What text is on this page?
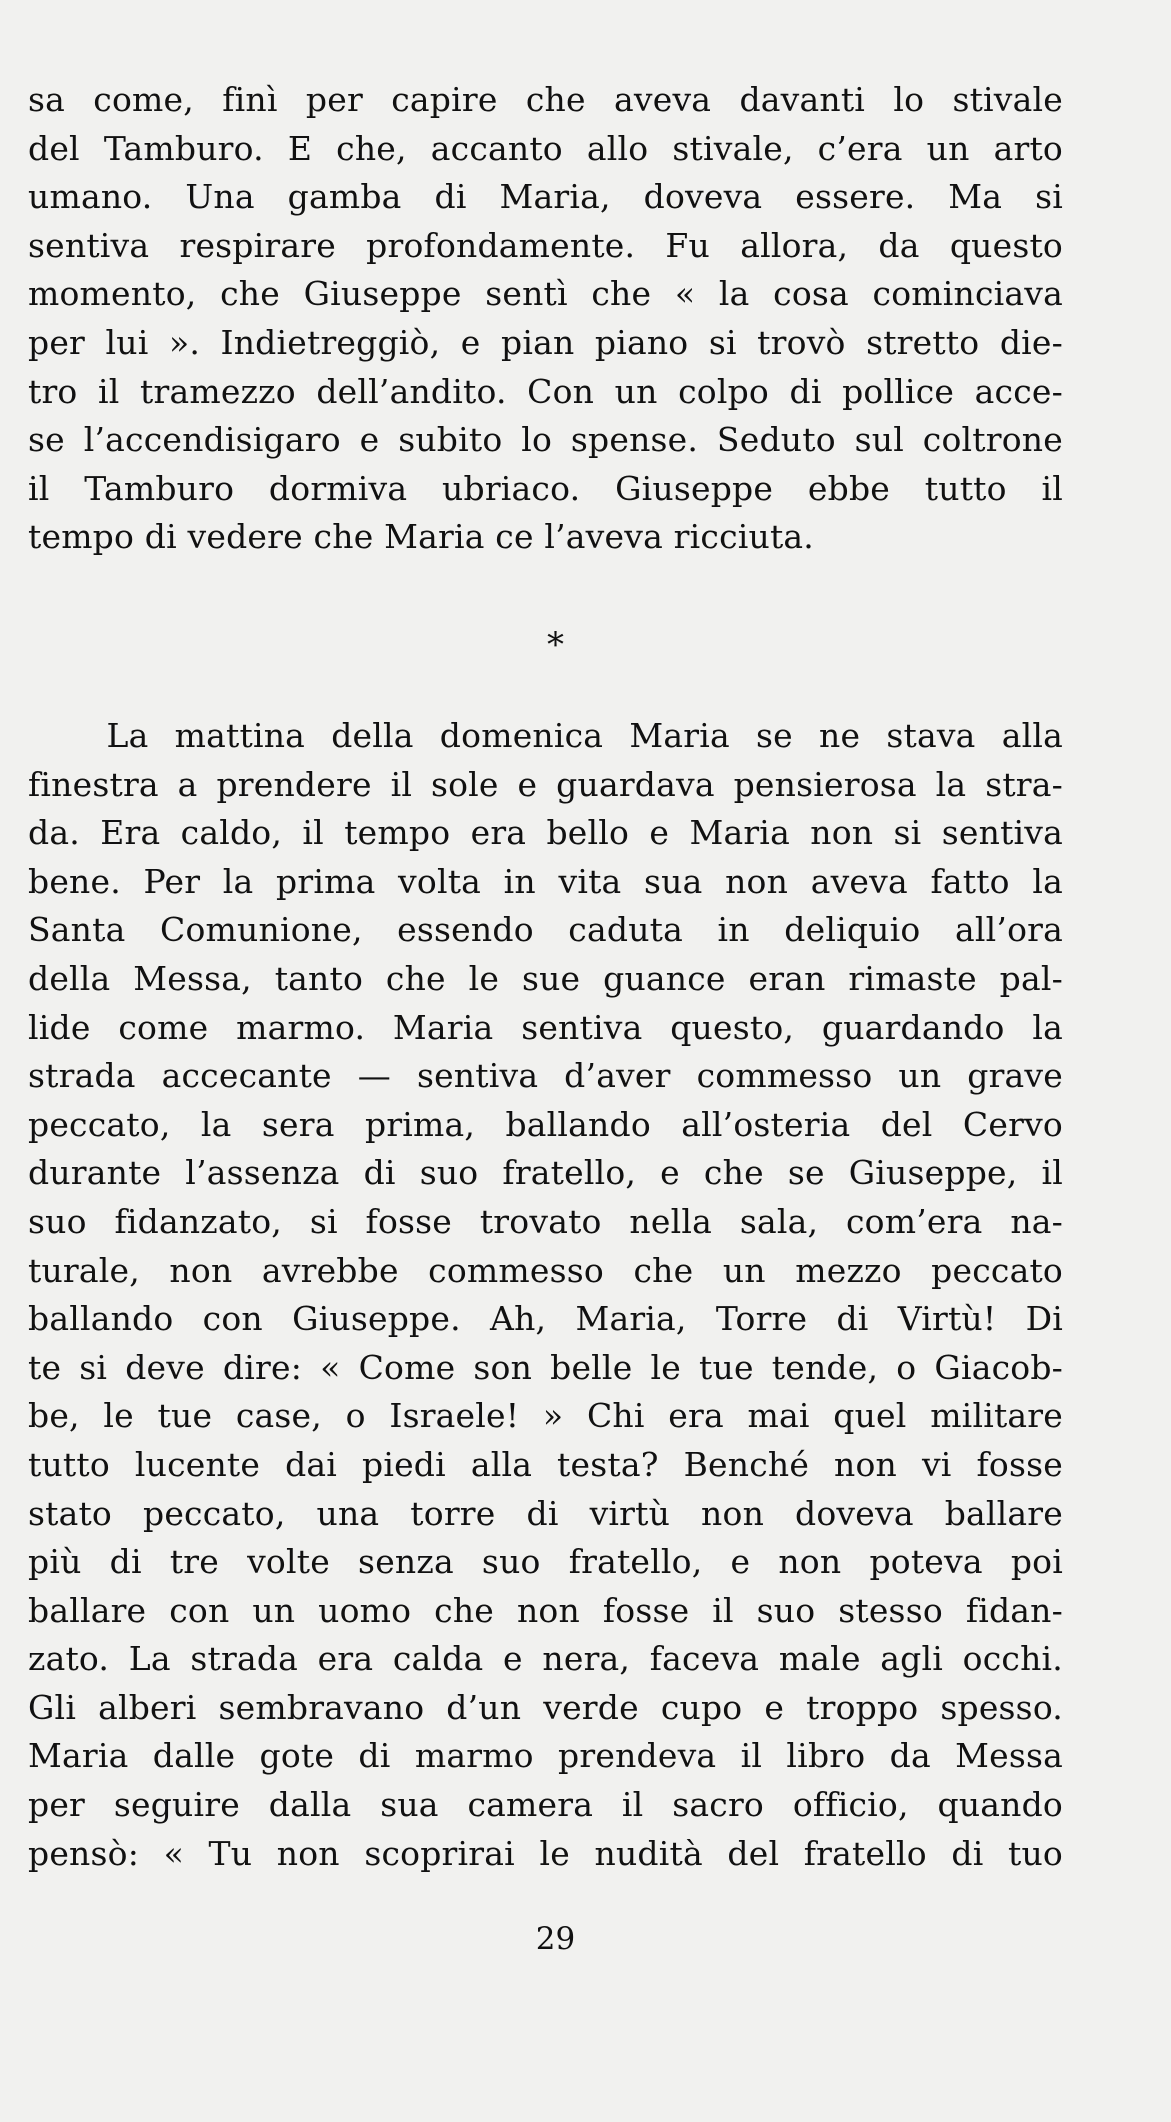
sa come, finì per capire che aveva davanti lo stivale
del Tamburo. E che, accanto allo stivale, c’era un arto
umano. Una gamba di Maria, doveva essere. Ma si
sentiva respirare profondamente. Fu allora, da questo
momento, che Giuseppe sentì che « la cosa cominciava
per lui ». Indietreggiò, e pian piano si trovò stretto die-
tro il tramezzo dell’andito. Con un colpo di pollice acce-
se l’accendisigaro e subito lo spense. Seduto sul coltrone
il Tamburo dormiva ubriaco. Giuseppe ebbe tutto il
tempo di vedere che Maria ce l’aveva ricciuta.
*
La mattina della domenica Maria se ne stava alla
finestra a prendere il sole e guardava pensierosa la stra-
da. Era caldo, il tempo era bello e Maria non si sentiva
bene. Per la prima volta in vita sua non aveva fatto la
Santa Comunione, essendo caduta in deliquio all’ora
della Messa, tanto che le sue guance eran rimaste pal-
lide come marmo. Maria sentiva questo, guardando la
strada accecante — sentiva d’aver commesso un grave
peccato, la sera prima, ballando all’osteria del Cervo
durante l’assenza di suo fratello, e che se Giuseppe, il
suo fidanzato, si fosse trovato nella sala, com’era na-
turale, non avrebbe commesso che un mezzo peccato
ballando con Giuseppe. Ah, Maria, Torre di Virtù! Di
te si deve dire: « Come son belle le tue tende, o Giacob-
be, le tue case, o Israele! » Chi era mai quel militare
tutto lucente dai piedi alla testa? Benché non vi fosse
stato peccato, una torre di virtù non doveva ballare
più di tre volte senza suo fratello, e non poteva poi
ballare con un uomo che non fosse il suo stesso fidan-
zato. La strada era calda e nera, faceva male agli occhi.
Gli alberi sembravano d’un verde cupo e troppo spesso.
Maria dalle gote di marmo prendeva il libro da Messa
per seguire dalla sua camera il sacro officio, quando
pensò: « Tu non scoprirai le nudità del fratello di tuo
29
